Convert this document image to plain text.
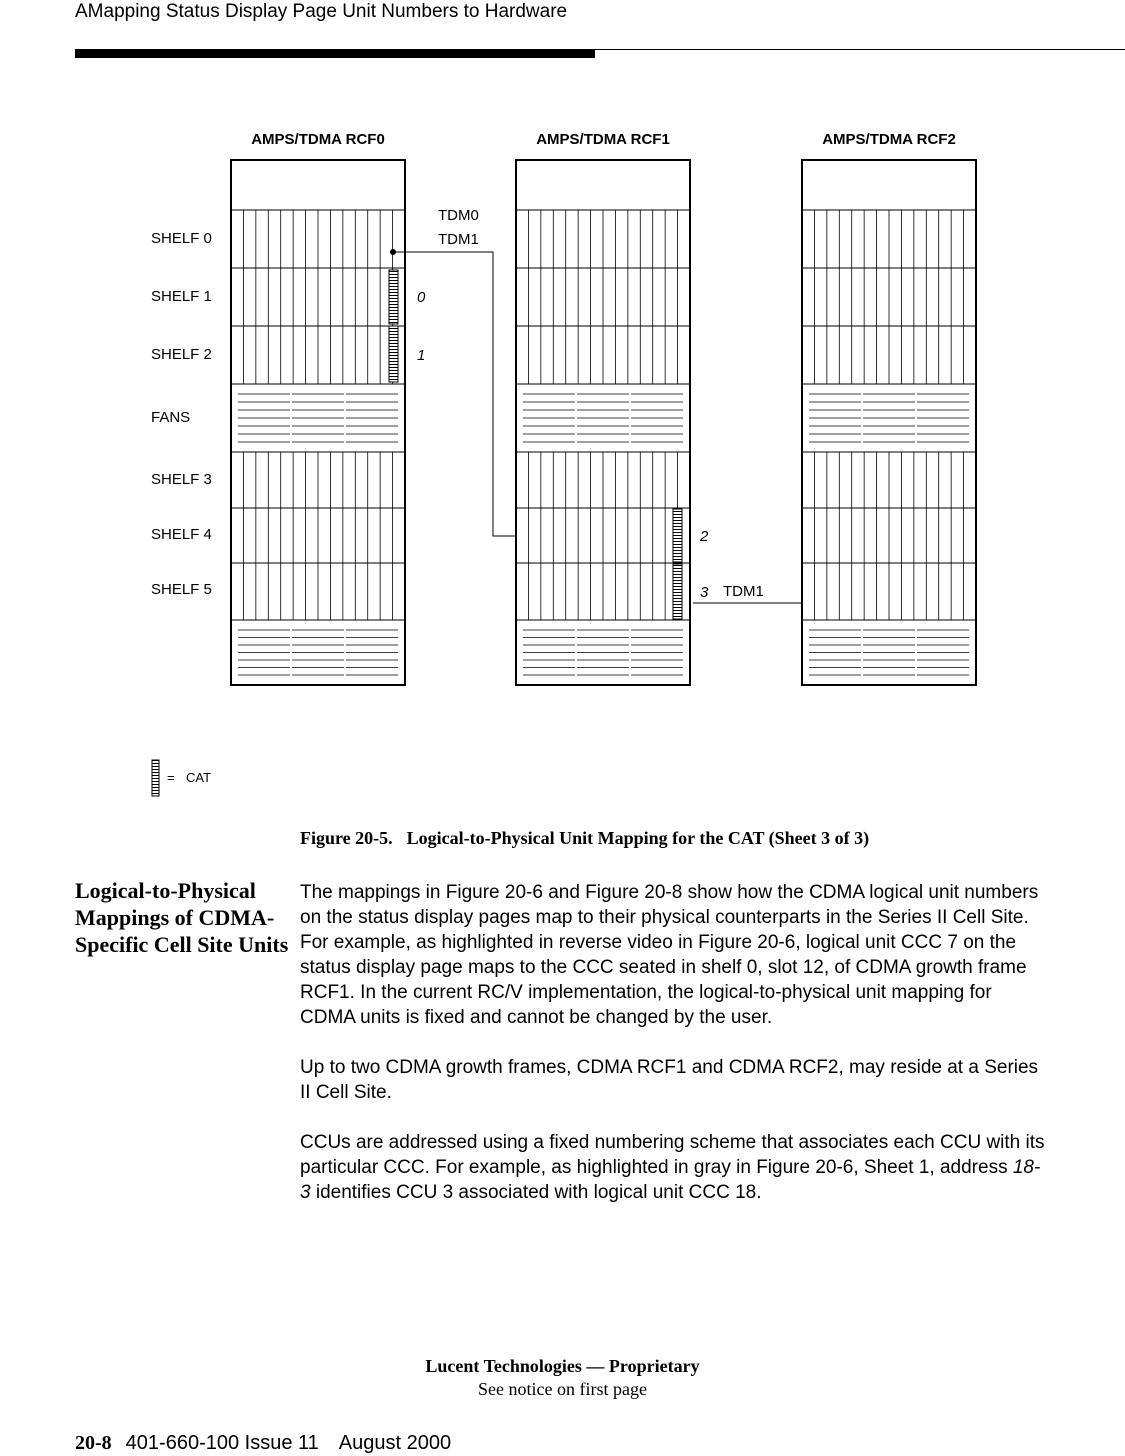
AMapping Status Display Page Unit Numbers to Hardware
AMPS/TDMA RCF0	AMPS/TDMA RCF1	AMPS/TDMA RCF2
SHELF 0
SHELF 1
SHELF 2
FANS
SHELF 3
SHELF 4
SHELF 5
TDM0
TDM1
TDM1
0
1
2
3
= CAT
Figure 20-5. Logical-to-Physical Unit Mapping for the CAT (Sheet 3 of 3)
Logical-to-Physical Mappings of CDMA-Specific Cell Site Units

The mappings in Figure 20-6 and Figure 20-8 show how the CDMA logical unit numbers on the status display pages map to their physical counterparts in the Series II Cell Site. For example, as highlighted in reverse video in Figure 20-6, logical unit CCC 7 on the status display page maps to the CCC seated in shelf 0, slot 12, of CDMA growth frame RCF1. In the current RC/V implementation, the logical-to-physical unit mapping for CDMA units is fixed and cannot be changed by the user.

Up to two CDMA growth frames, CDMA RCF1 and CDMA RCF2, may reside at a Series II Cell Site.

CCUs are addressed using a fixed numbering scheme that associates each CCU with its particular CCC. For example, as highlighted in gray in Figure 20-6, Sheet 1, address 18-3 identifies CCU 3 associated with logical unit CCC 18.

Lucent Technologies — Proprietary
See notice on first page
20-8 401-660-100 Issue 11 August 2000
